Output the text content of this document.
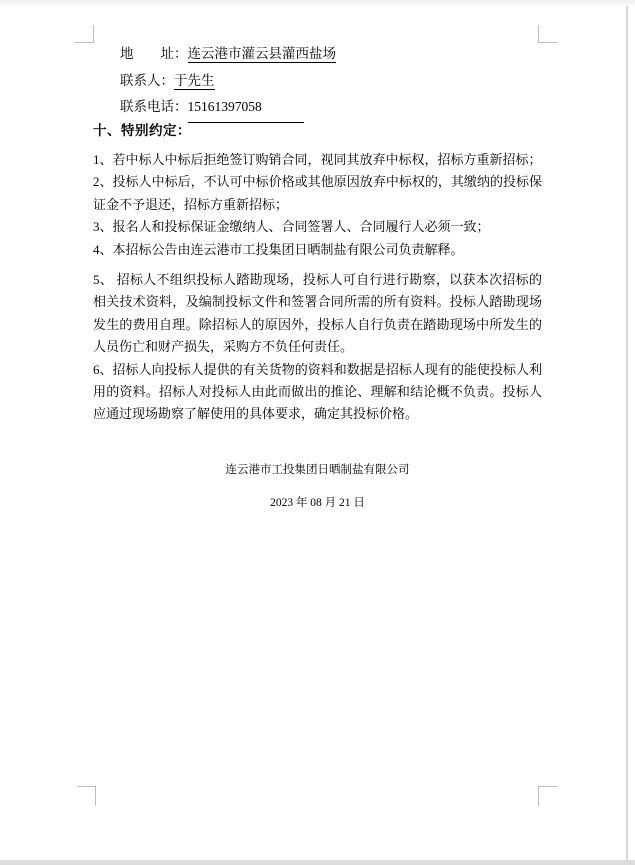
地　　址：连云港市灌云县灌西盐场
联系人：于先生
联系电话：15161397058
十、特别约定：

1、若中标人中标后拒绝签订购销合同，视同其放弃中标权，招标方重新招标；

2、投标人中标后，不认可中标价格或其他原因放弃中标权的，其缴纳的投标保证金不予退还，招标方重新招标；

3、报名人和投标保证金缴纳人、合同签署人、合同履行人必须一致；

4、本招标公告由连云港市工投集团日晒制盐有限公司负责解释。

5、 招标人不组织投标人踏勘现场，投标人可自行进行勘察，以获本次招标的相关技术资料，及编制投标文件和签署合同所需的所有资料。投标人踏勘现场发生的费用自理。除招标人的原因外，投标人自行负责在踏勘现场中所发生的人员伤亡和财产损失，采购方不负任何责任。

6、招标人向投标人提供的有关货物的资料和数据是招标人现有的能使投标人利用的资料。招标人对投标人由此而做出的推论、理解和结论概不负责。投标人应通过现场勘察了解使用的具体要求，确定其投标价格。

连云港市工投集团日晒制盐有限公司

2023 年 08 月 21 日
